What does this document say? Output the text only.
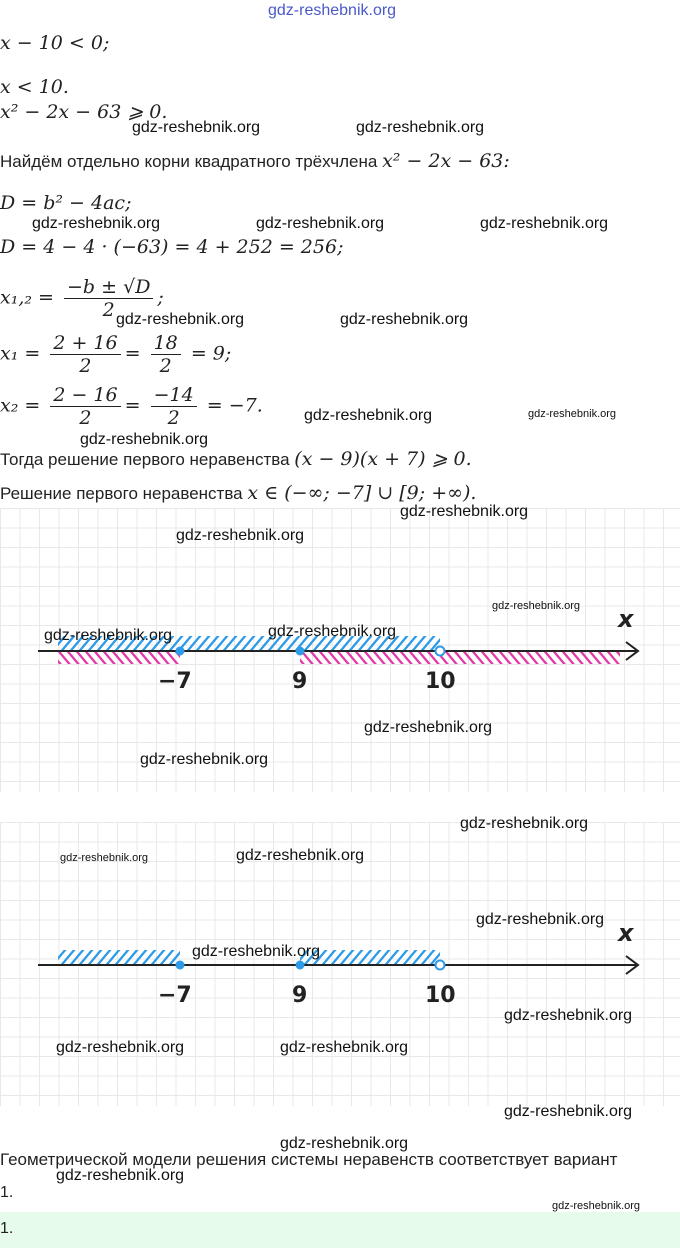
gdz-reshebnik.org
x − 10 < 0;
x < 10.
x² − 2x − 63 ⩾ 0.
gdz-reshebnik.org	gdz-reshebnik.org
Найдём отдельно корни квадратного трёхчлена x² − 2x − 63:
D = b² − 4ac;
gdz-reshebnik.org	gdz-reshebnik.org	gdz-reshebnik.org
D = 4 − 4 · (−63) = 4 + 252 = 256;
$x_1,_2 = \frac{-b \pm √D}{2}$ ;
gdz-reshebnik.org	gdz-reshebnik.org
$x_1 = \frac{2 + 16}{2} = \frac{18}{2} = 9$;
$x_2 = \frac{2 - 16}{2} = \frac{-14}{2} = -7$.	gdz-reshebnik.org	gdz-reshebnik.org
gdz-reshebnik.org
Тогда решение первого неравенства (x − 9)(x + 7) ⩾ 0.
Решение первого неравенства x ∈ (−∞; −7] ∪ [9; +∞).
x
−7	9	10
gdz-reshebnik.org
gdz-reshebnik.org
gdz-reshebnik.org
gdz-reshebnik.org	gdz-reshebnik.org
gdz-reshebnik.org
gdz-reshebnik.org
x
−7	9	10
gdz-reshebnik.org
gdz-reshebnik.org	gdz-reshebnik.org
gdz-reshebnik.org
gdz-reshebnik.org
gdz-reshebnik.org
gdz-reshebnik.org	gdz-reshebnik.org
gdz-reshebnik.org
gdz-reshebnik.org
Геометрической модели решения системы неравенств соответствует вариант
gdz-reshebnik.org
1.
gdz-reshebnik.org
1.
